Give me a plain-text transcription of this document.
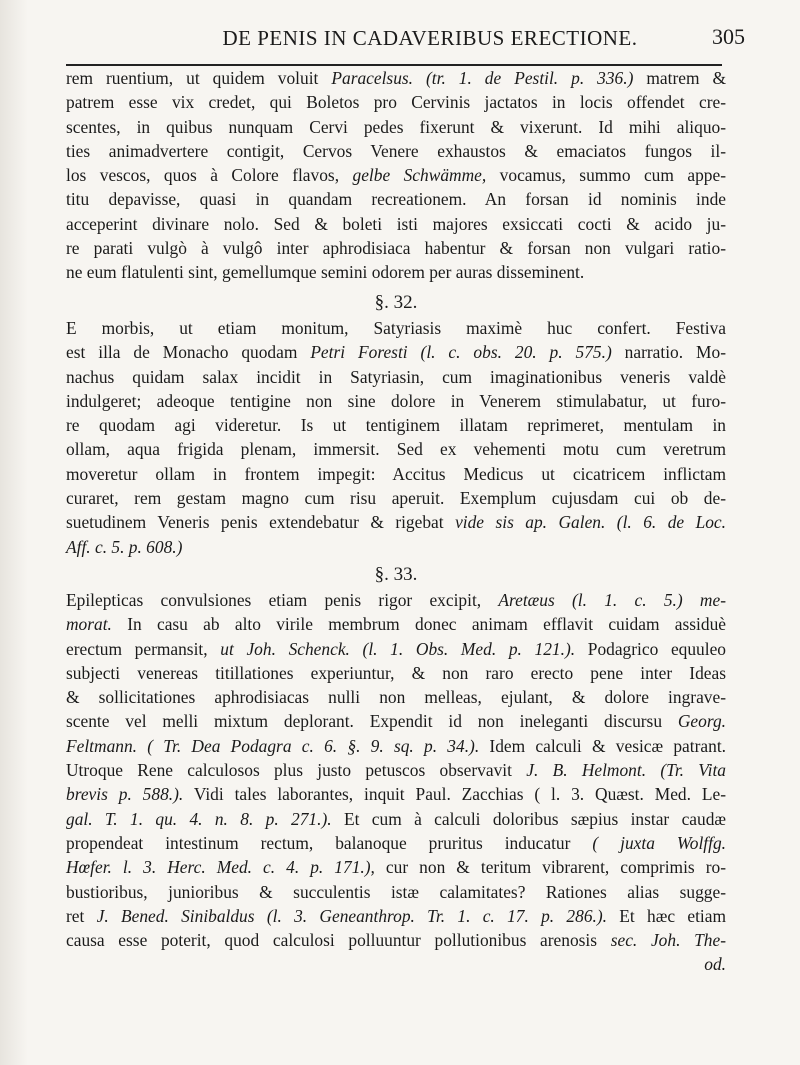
DE PENIS IN CADAVERIBUS ERECTIONE.	305
rem ruentium, ut quidem voluit Paracelsus. (tr. 1. de Pestil. p. 336.) matrem &
patrem esse vix credet, qui Boletos pro Cervinis jactatos in locis offendet cre-
scentes, in quibus nunquam Cervi pedes fixerunt & vixerunt. Id mihi aliquo-
ties animadvertere contigit, Cervos Venere exhaustos & emaciatos fungos il-
los vescos, quos à Colore flavos, gelbe Schwämme, vocamus, summo cum appe-
titu depavisse, quasi in quandam recreationem. An forsan id nominis inde
acceperint divinare nolo. Sed & boleti isti majores exsiccati cocti & acido ju-
re parati vulgò à vulgô inter aphrodisiaca habentur & forsan non vulgari ratio-
ne eum flatulenti sint, gemellumque semini odorem per auras disseminent.
§. 32.
E morbis, ut etiam monitum, Satyriasis maximè huc confert. Festiva
est illa de Monacho quodam Petri Foresti (l. c. obs. 20. p. 575.) narratio. Mo-
nachus quidam salax incidit in Satyriasin, cum imaginationibus veneris valdè
indulgeret; adeoque tentigine non sine dolore in Venerem stimulabatur, ut furo-
re quodam agi videretur. Is ut tentiginem illatam reprimeret, mentulam in
ollam, aqua frigida plenam, immersit. Sed ex vehementi motu cum veretrum
moveretur ollam in frontem impegit: Accitus Medicus ut cicatricem inflictam
curaret, rem gestam magno cum risu aperuit. Exemplum cujusdam cui ob de-
suetudinem Veneris penis extendebatur & rigebat vide sis ap. Galen. (l. 6. de Loc.
Aff. c. 5. p. 608.)
§. 33.
Epilepticas convulsiones etiam penis rigor excipit, Aretæus (l. 1. c. 5.) me-
morat. In casu ab alto virile membrum donec animam efflavit cuidam assiduè
erectum permansit, ut Joh. Schenck. (l. 1. Obs. Med. p. 121.). Podagrico equuleo
subjecti venereas titillationes experiuntur, & non raro erecto pene inter Ideas
& sollicitationes aphrodisiacas nulli non melleas, ejulant, & dolore ingrave-
scente vel melli mixtum deplorant. Expendit id non ineleganti discursu Georg.
Feltmann. ( Tr. Dea Podagra c. 6. §. 9. sq. p. 34.). Idem calculi & vesicæ patrant.
Utroque Rene calculosos plus justo petuscos observavit J. B. Helmont. (Tr. Vita
brevis p. 588.). Vidi tales laborantes, inquit Paul. Zacchias ( l. 3. Quæst. Med. Le-
gal. T. 1. qu. 4. n. 8. p. 271.). Et cum à calculi doloribus sæpius instar caudæ
propendeat intestinum rectum, balanoque pruritus inducatur ( juxta Wolffg.
Hœfer. l. 3. Herc. Med. c. 4. p. 171.), cur non & teritum vibrarent, comprimis ro-
bustioribus, junioribus & succulentis istæ calamitates? Rationes alias sugge-
ret J. Bened. Sinibaldus (l. 3. Geneanthrop. Tr. 1. c. 17. p. 286.). Et hæc etiam
causa esse poterit, quod calculosi polluuntur pollutionibus arenosis sec. Joh. The-
od.
